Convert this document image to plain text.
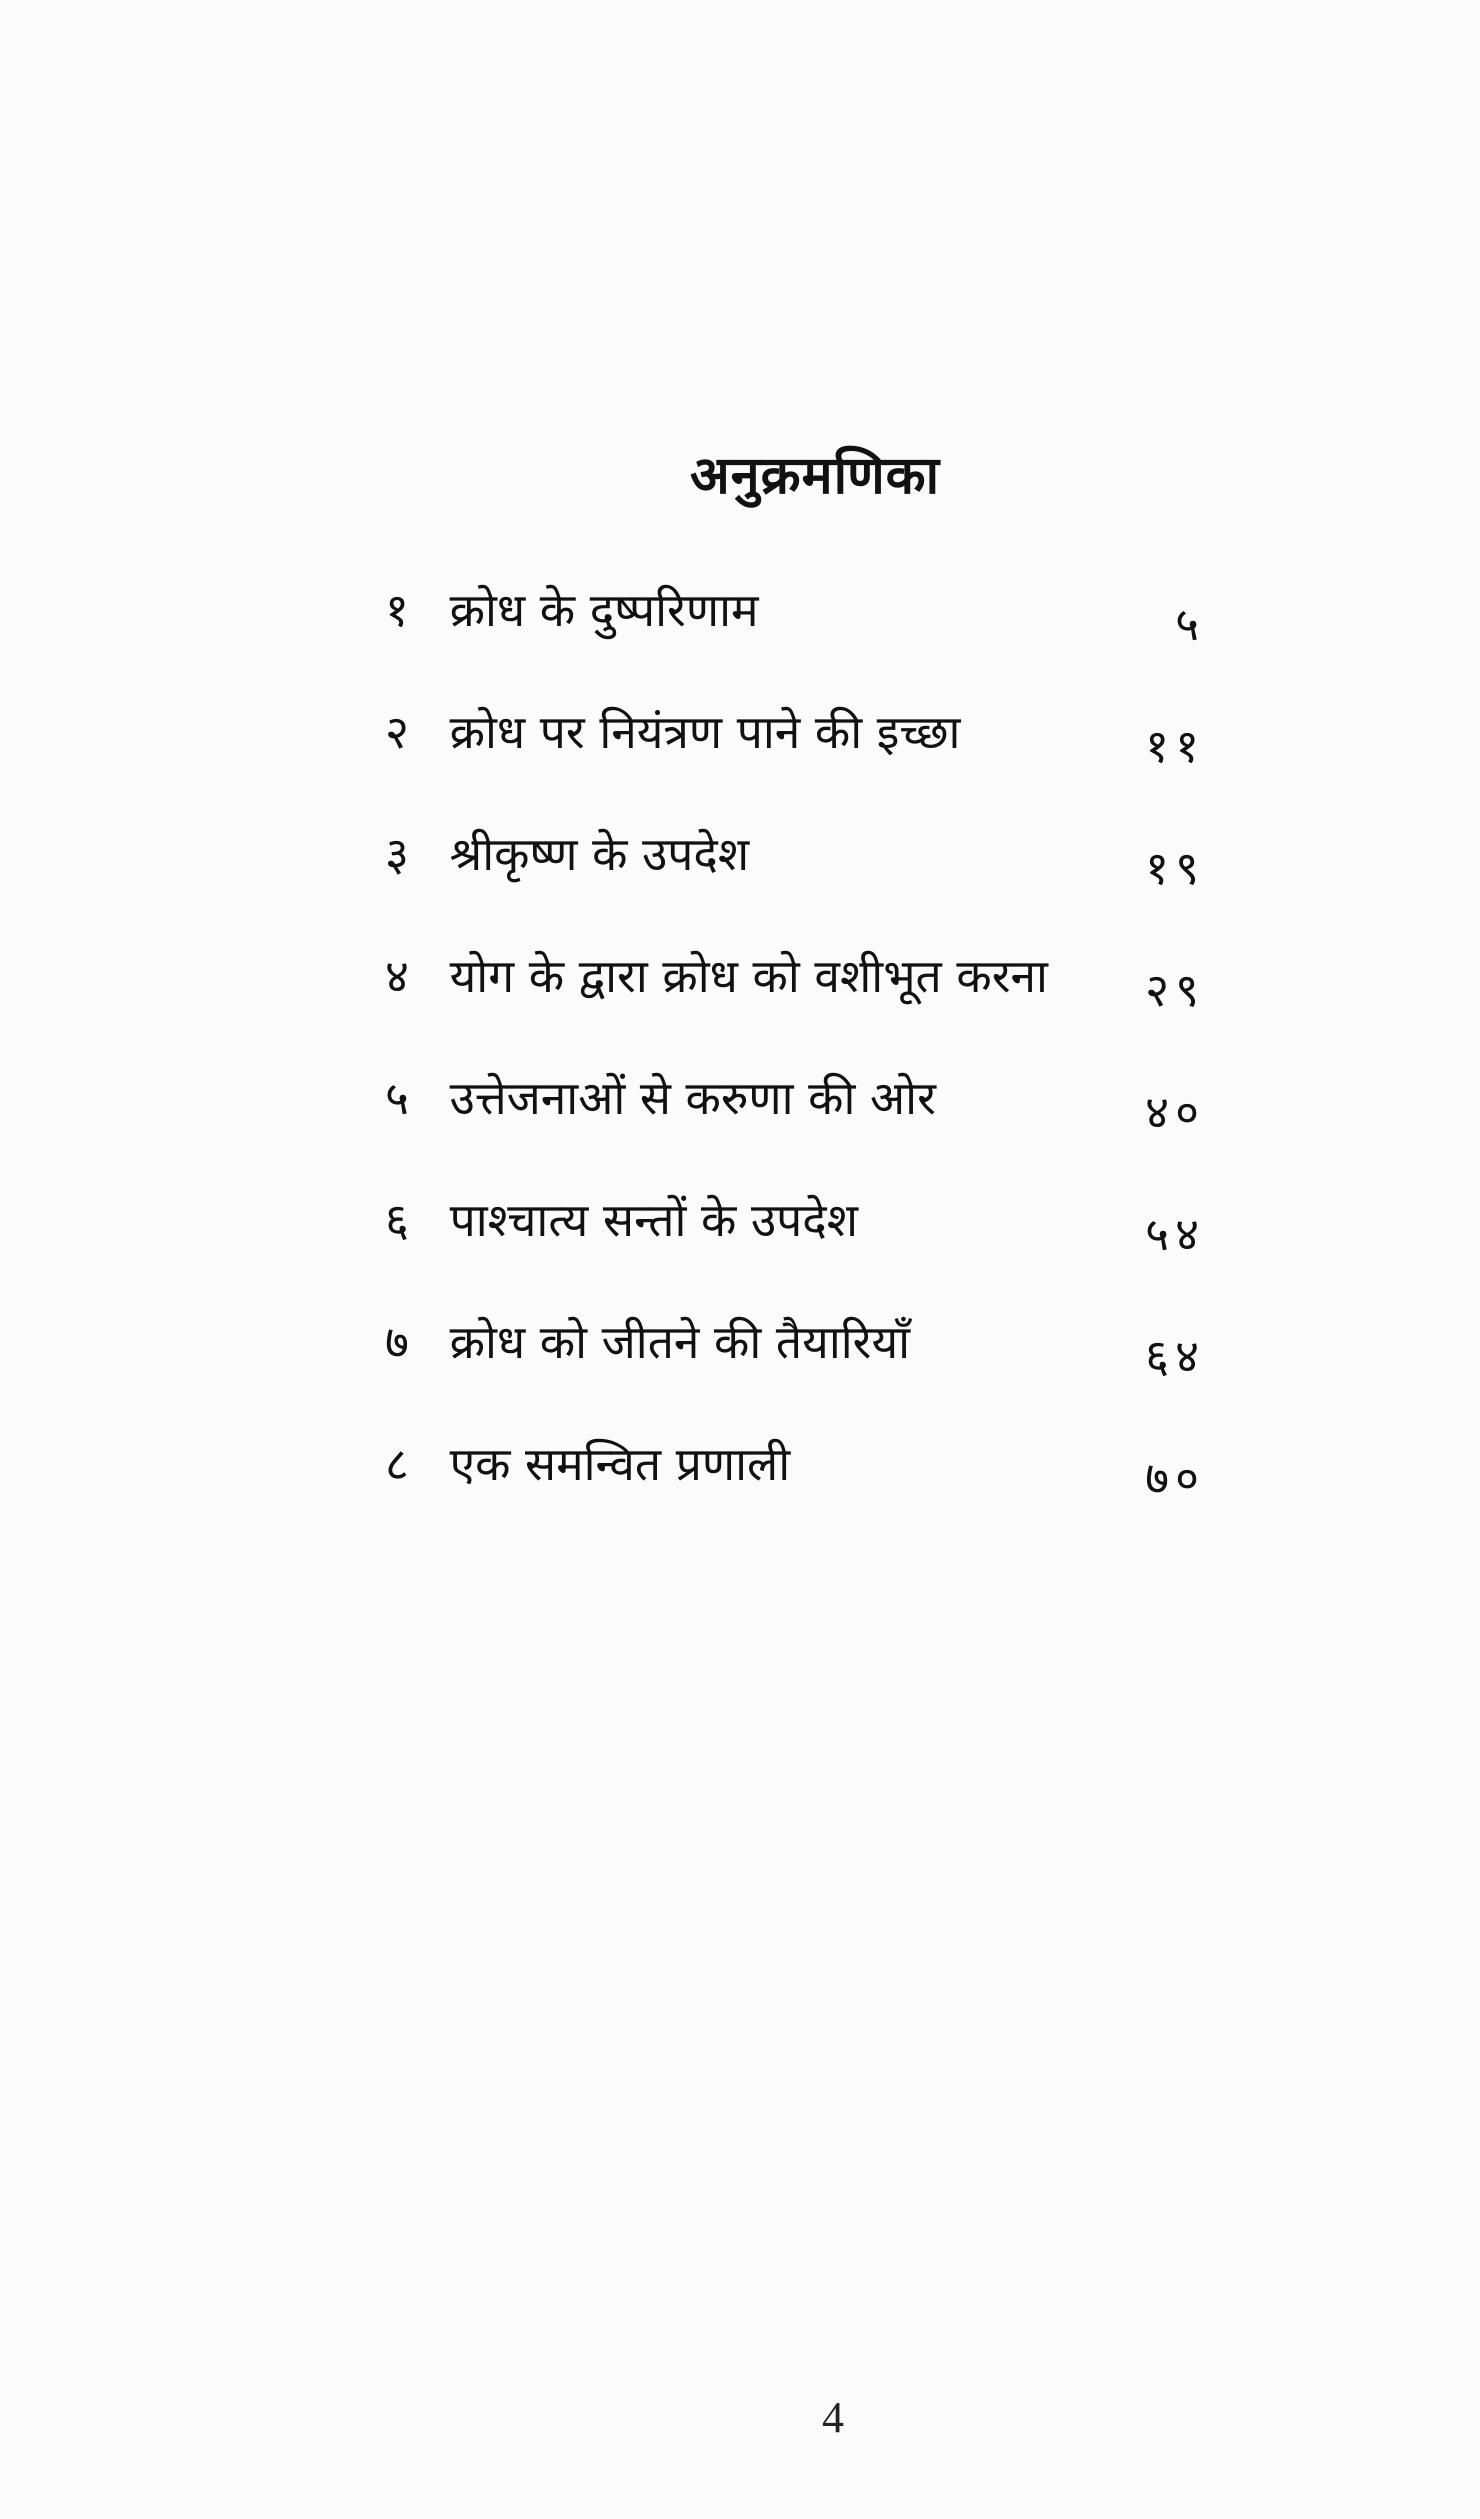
अनुक्रमणिका
१ क्रोध के दुष्परिणाम	५
२ क्रोध पर नियंत्रण पाने की इच्छा	११
३ श्रीकृष्ण के उपदेश	१९
४ योग के द्वारा क्रोध को वशीभूत करना २९
५ उत्तेजनाओं से करुणा की ओर	४०
६ पाश्चात्य सन्तों के उपदेश	५४
७ क्रोध को जीतने की तैयारियाँ	६४
८ एक समन्वित प्रणाली	७०
4
